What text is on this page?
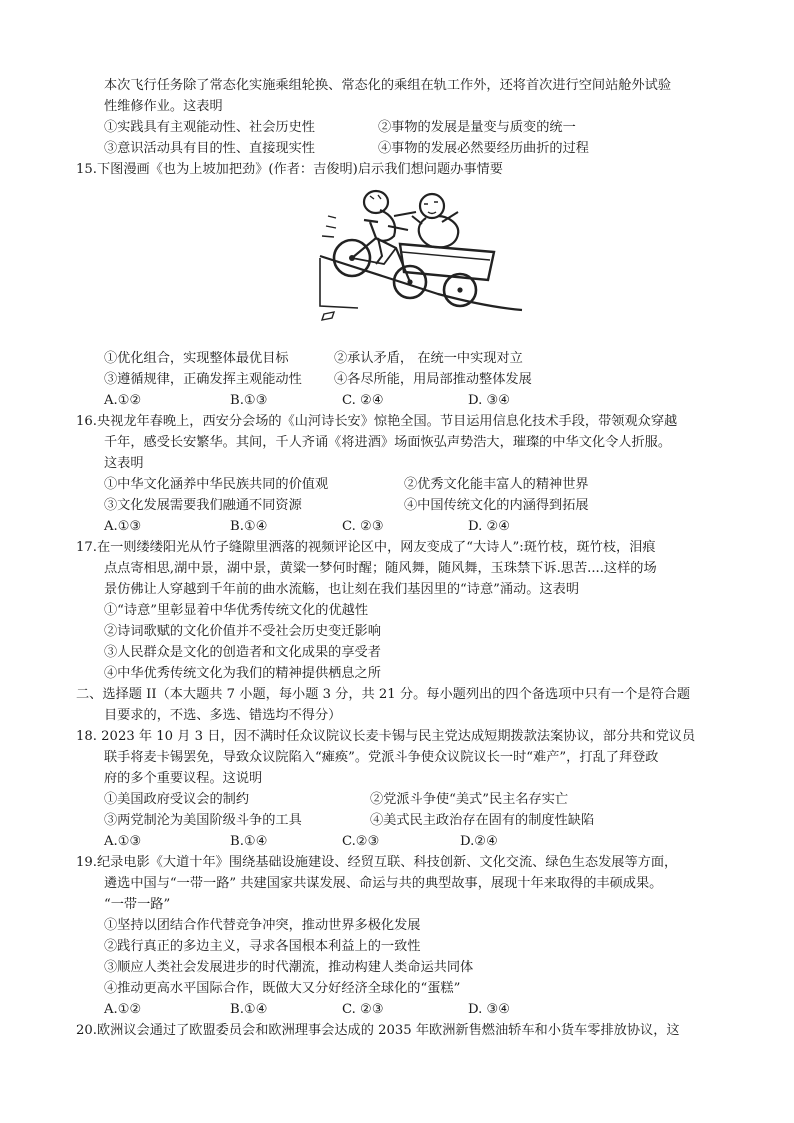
本次飞行任务除了常态化实施乘组轮换、常态化的乘组在轨工作外，还将首次进行空间站舱外试验
性维修作业。这表明
①实践具有主观能动性、社会历史性	②事物的发展是量变与质变的统一
③意识活动具有目的性、直接现实性	④事物的发展必然要经历曲折的过程
15.下图漫画《也为上坡加把劲》(作者：吉俊明)启示我们想问题办事情要
①优化组合，实现整体最优目标	②承认矛盾， 在统一中实现对立
③遵循规律，正确发挥主观能动性 ④各尽所能，用局部推动整体发展
A.①②	B.①③	C. ②④	D. ③④
16.央视龙年春晚上，西安分会场的《山河诗长安》惊艳全国。节目运用信息化技术手段，带领观众穿越
千年，感受长安繁华。其间，千人齐诵《将进酒》场面恢弘声势浩大，璀璨的中华文化令人折服。
这表明
①中华文化涵养中华民族共同的价值观	②优秀文化能丰富人的精神世界
③文化发展需要我们融通不同资源	④中国传统文化的内涵得到拓展
A.①③	B.①④	C. ②③	D. ②④
17.在一则缕缕阳光从竹子缝隙里洒落的视频评论区中，网友变成了“大诗人”:斑竹枝，斑竹枝，泪痕
点点寄相思,湖中景，湖中景，黄粱一梦何时醒；随风舞，随风舞，玉珠禁下诉.思苦....这样的场
景仿佛让人穿越到千年前的曲水流觞，也让刻在我们基因里的“诗意”涌动。这表明
①“诗意”里彰显着中华优秀传统文化的优越性
②诗词歌赋的文化价值并不受社会历史变迁影响
③人民群众是文化的创造者和文化成果的享受者
④中华优秀传统文化为我们的精神提供栖息之所
二、选择题 II（本大题共 7 小题，每小题 3 分，共 21 分。每小题列出的四个备选项中只有一个是符合题
目要求的，不选、多选、错选均不得分）
18. 2023 年 10 月 3 日，因不满时任众议院议长麦卡锡与民主党达成短期拨款法案协议，部分共和党议员
联手将麦卡锡罢免，导致众议院陷入“瘫痪”。党派斗争使众议院议长一时“难产”，打乱了拜登政
府的多个重要议程。这说明
①美国政府受议会的制约	②党派斗争使“美式”民主名存实亡
③两党制沦为美国阶级斗争的工具	④美式民主政治存在固有的制度性缺陷
A.①③	B.①④	C.②③	D.②④
19.纪录电影《大道十年》围绕基础设施建设、经贸互联、科技创新、文化交流、绿色生态发展等方面，
遴选中国与“一带一路” 共建国家共谋发展、命运与共的典型故事，展现十年来取得的丰硕成果。
“一带一路”
①坚持以团结合作代替竞争冲突，推动世界多极化发展
②践行真正的多边主义，寻求各国根本利益上的一致性
③顺应人类社会发展进步的时代潮流，推动构建人类命运共同体
④推动更高水平国际合作，既做大又分好经济全球化的“蛋糕”
A.①②	B.①④	C. ②③	D. ③④
20.欧洲议会通过了欧盟委员会和欧洲理事会达成的 2035 年欧洲新售燃油轿车和小货车零排放协议，这
